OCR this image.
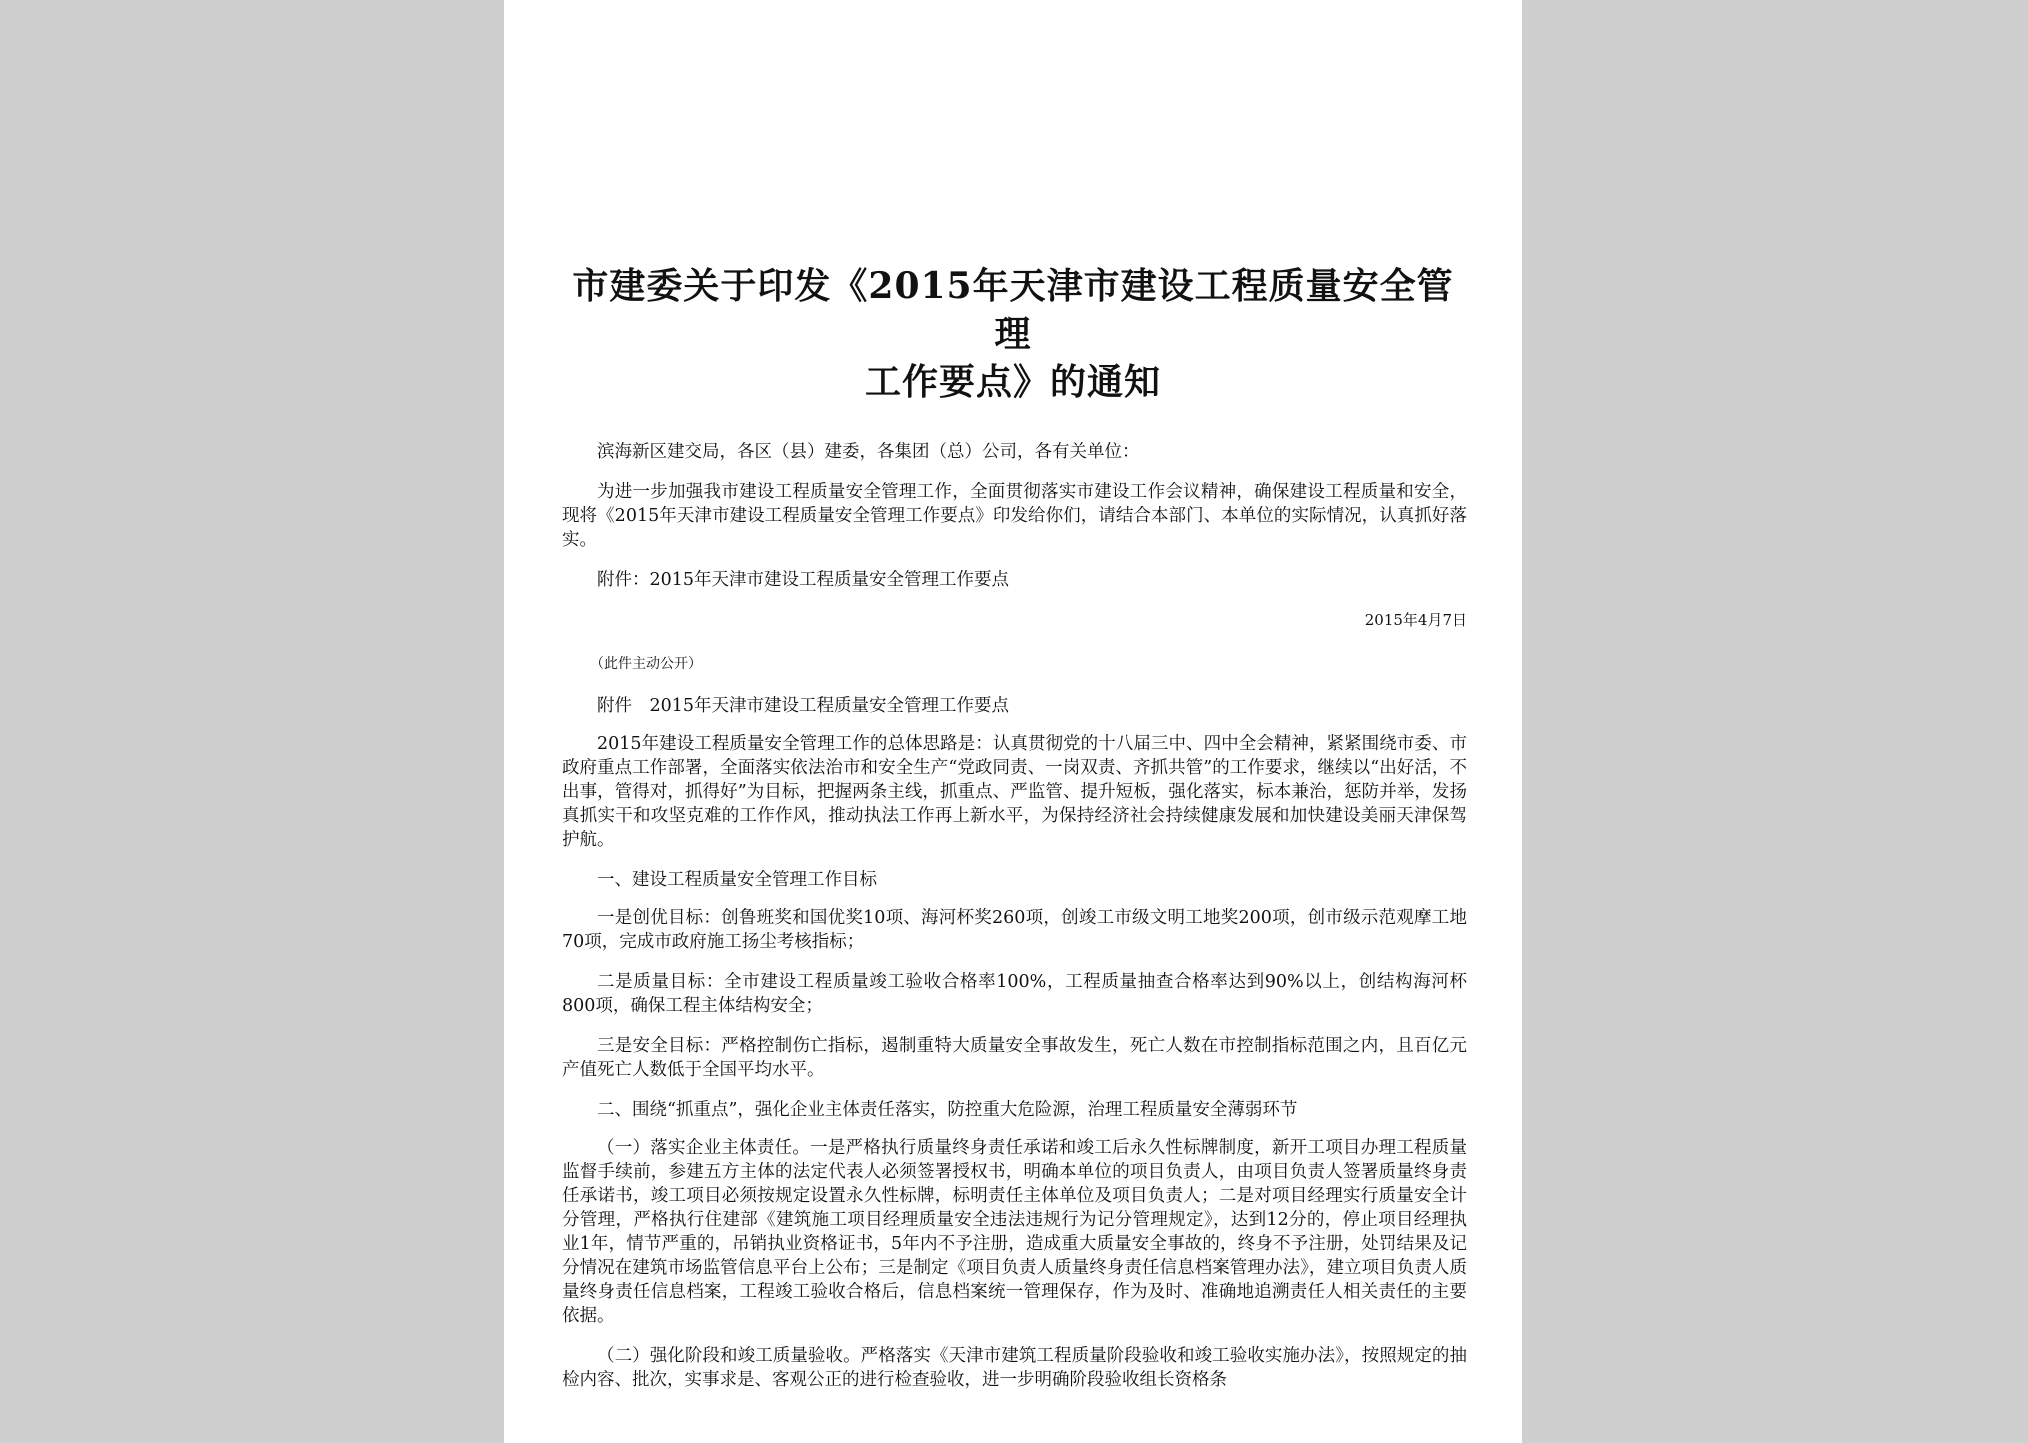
市建委关于印发《2015年天津市建设工程质量安全管理
工作要点》的通知

滨海新区建交局，各区（县）建委，各集团（总）公司，各有关单位：

为进一步加强我市建设工程质量安全管理工作，全面贯彻落实市建设工作会议精神，确保建设工程质量和安全，现将《2015年天津市建设工程质量安全管理工作要点》印发给你们，请结合本部门、本单位的实际情况，认真抓好落实。

附件：2015年天津市建设工程质量安全管理工作要点

2015年4月7日

（此件主动公开）

附件　2015年天津市建设工程质量安全管理工作要点

2015年建设工程质量安全管理工作的总体思路是：认真贯彻党的十八届三中、四中全会精神，紧紧围绕市委、市政府重点工作部署，全面落实依法治市和安全生产“党政同责、一岗双责、齐抓共管”的工作要求，继续以“出好活，不出事，管得对，抓得好”为目标，把握两条主线，抓重点、严监管、提升短板，强化落实，标本兼治，惩防并举，发扬真抓实干和攻坚克难的工作作风，推动执法工作再上新水平，为保持经济社会持续健康发展和加快建设美丽天津保驾护航。

一、建设工程质量安全管理工作目标

一是创优目标：创鲁班奖和国优奖10项、海河杯奖260项，创竣工市级文明工地奖200项，创市级示范观摩工地70项，完成市政府施工扬尘考核指标；

二是质量目标：全市建设工程质量竣工验收合格率100%，工程质量抽查合格率达到90%以上，创结构海河杯800项，确保工程主体结构安全；

三是安全目标：严格控制伤亡指标，遏制重特大质量安全事故发生，死亡人数在市控制指标范围之内，且百亿元产值死亡人数低于全国平均水平。

二、围绕“抓重点”，强化企业主体责任落实，防控重大危险源，治理工程质量安全薄弱环节

（一）落实企业主体责任。一是严格执行质量终身责任承诺和竣工后永久性标牌制度，新开工项目办理工程质量监督手续前，参建五方主体的法定代表人必须签署授权书，明确本单位的项目负责人，由项目负责人签署质量终身责任承诺书，竣工项目必须按规定设置永久性标牌，标明责任主体单位及项目负责人；二是对项目经理实行质量安全计分管理，严格执行住建部《建筑施工项目经理质量安全违法违规行为记分管理规定》，达到12分的，停止项目经理执业1年，情节严重的，吊销执业资格证书，5年内不予注册，造成重大质量安全事故的，终身不予注册，处罚结果及记分情况在建筑市场监管信息平台上公布；三是制定《项目负责人质量终身责任信息档案管理办法》，建立项目负责人质量终身责任信息档案，工程竣工验收合格后，信息档案统一管理保存，作为及时、准确地追溯责任人相关责任的主要依据。

（二）强化阶段和竣工质量验收。严格落实《天津市建筑工程质量阶段验收和竣工验收实施办法》，按照规定的抽检内容、批次，实事求是、客观公正的进行检查验收，进一步明确阶段验收组长资格条
